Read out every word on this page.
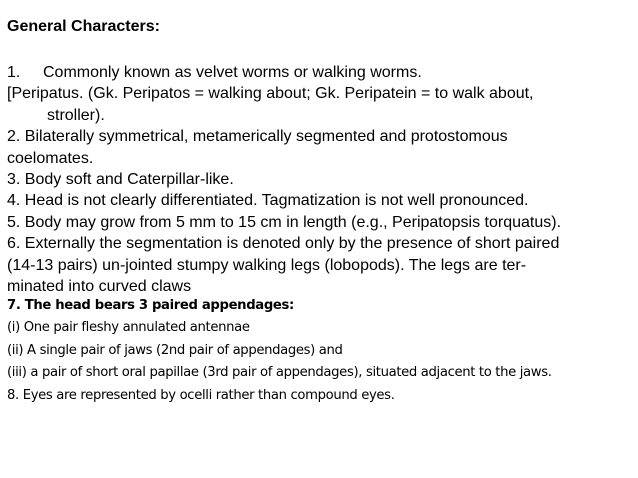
General Characters:

1. Commonly known as velvet worms or walking worms.

[Peripatus. (Gk. Peripatos = walking about; Gk. Peripatein = to walk about,

stroller).

2. Bilaterally symmetrical, metamerically segmented and protostomous

coelomates.

3. Body soft and Caterpillar-like.

4. Head is not clearly differentiated. Tagmatization is not well pronounced.

5. Body may grow from 5 mm to 15 cm in length (e.g., Peripatopsis torquatus).

6. Externally the segmentation is denoted only by the presence of short paired

(14-13 pairs) un-jointed stumpy walking legs (lobopods). The legs are ter-

minated into curved claws

7. The head bears 3 paired appendages:

(i) One pair fleshy annulated antennae

(ii) A single pair of jaws (2nd pair of appendages) and

(iii) a pair of short oral papillae (3rd pair of appendages), situated adjacent to the jaws.

8. Eyes are represented by ocelli rather than compound eyes.
